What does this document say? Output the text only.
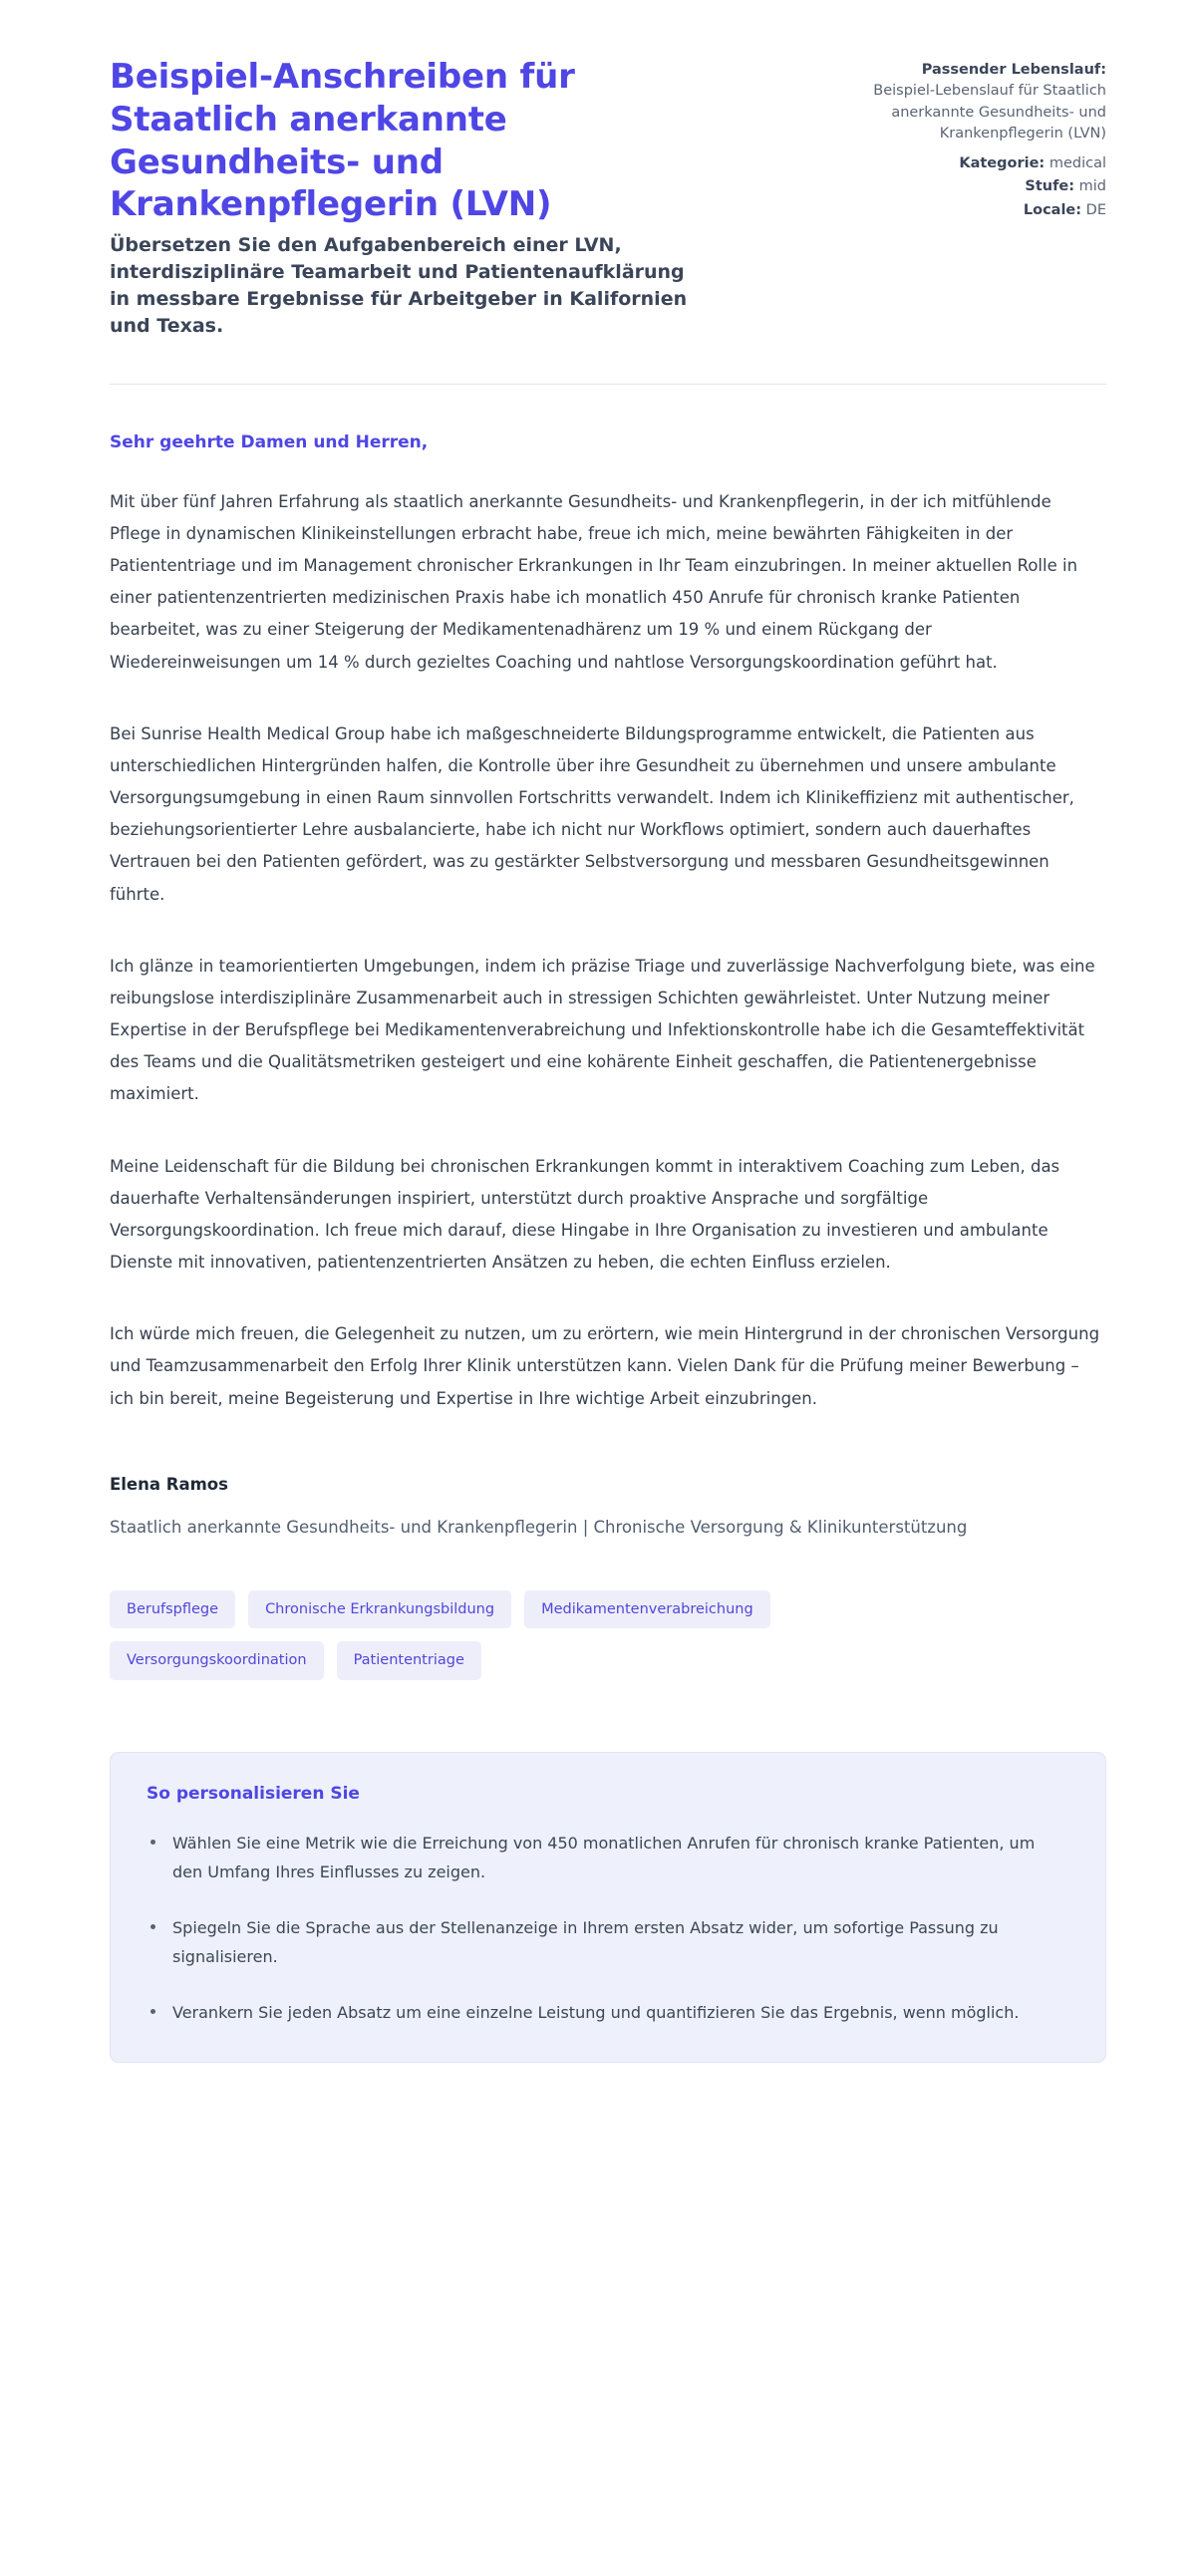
Beispiel-Anschreiben für Staatlich anerkannte Gesundheits- und Krankenpflegerin (LVN)

Übersetzen Sie den Aufgabenbereich einer LVN, interdisziplinäre Teamarbeit und Patientenaufklärung in messbare Ergebnisse für Arbeitgeber in Kalifornien und Texas.

Passender Lebenslauf:
Beispiel-Lebenslauf für Staatlich anerkannte Gesundheits- und Krankenpflegerin (LVN)
Kategorie: medical
Stufe: mid
Locale: DE

Sehr geehrte Damen und Herren,

Mit über fünf Jahren Erfahrung als staatlich anerkannte Gesundheits- und Krankenpflegerin, in der ich mitfühlende Pflege in dynamischen Klinikeinstellungen erbracht habe, freue ich mich, meine bewährten Fähigkeiten in der Patiententriage und im Management chronischer Erkrankungen in Ihr Team einzubringen. In meiner aktuellen Rolle in einer patientenzentrierten medizinischen Praxis habe ich monatlich 450 Anrufe für chronisch kranke Patienten bearbeitet, was zu einer Steigerung der Medikamentenadhärenz um 19 % und einem Rückgang der Wiedereinweisungen um 14 % durch gezieltes Coaching und nahtlose Versorgungskoordination geführt hat.

Bei Sunrise Health Medical Group habe ich maßgeschneiderte Bildungsprogramme entwickelt, die Patienten aus unterschiedlichen Hintergründen halfen, die Kontrolle über ihre Gesundheit zu übernehmen und unsere ambulante Versorgungsumgebung in einen Raum sinnvollen Fortschritts verwandelt. Indem ich Klinikeffizienz mit authentischer, beziehungsorientierter Lehre ausbalancierte, habe ich nicht nur Workflows optimiert, sondern auch dauerhaftes Vertrauen bei den Patienten gefördert, was zu gestärkter Selbstversorgung und messbaren Gesundheitsgewinnen führte.

Ich glänze in teamorientierten Umgebungen, indem ich präzise Triage und zuverlässige Nachverfolgung biete, was eine reibungslose interdisziplinäre Zusammenarbeit auch in stressigen Schichten gewährleistet. Unter Nutzung meiner Expertise in der Berufspflege bei Medikamentenverabreichung und Infektionskontrolle habe ich die Gesamteffektivität des Teams und die Qualitätsmetriken gesteigert und eine kohärente Einheit geschaffen, die Patientenergebnisse maximiert.

Meine Leidenschaft für die Bildung bei chronischen Erkrankungen kommt in interaktivem Coaching zum Leben, das dauerhafte Verhaltensänderungen inspiriert, unterstützt durch proaktive Ansprache und sorgfältige Versorgungskoordination. Ich freue mich darauf, diese Hingabe in Ihre Organisation zu investieren und ambulante Dienste mit innovativen, patientenzentrierten Ansätzen zu heben, die echten Einfluss erzielen.

Ich würde mich freuen, die Gelegenheit zu nutzen, um zu erörtern, wie mein Hintergrund in der chronischen Versorgung und Teamzusammenarbeit den Erfolg Ihrer Klinik unterstützen kann. Vielen Dank für die Prüfung meiner Bewerbung – ich bin bereit, meine Begeisterung und Expertise in Ihre wichtige Arbeit einzubringen.

Elena Ramos

Staatlich anerkannte Gesundheits- und Krankenpflegerin | Chronische Versorgung & Klinikunterstützung

Berufspflege	Chronische Erkrankungsbildung	Medikamentenverabreichung
Versorgungskoordination	Patiententriage
So personalisieren Sie
Wählen Sie eine Metrik wie die Erreichung von 450 monatlichen Anrufen für chronisch kranke Patienten, um den Umfang Ihres Einflusses zu zeigen.
Spiegeln Sie die Sprache aus der Stellenanzeige in Ihrem ersten Absatz wider, um sofortige Passung zu signalisieren.
Verankern Sie jeden Absatz um eine einzelne Leistung und quantifizieren Sie das Ergebnis, wenn möglich.
